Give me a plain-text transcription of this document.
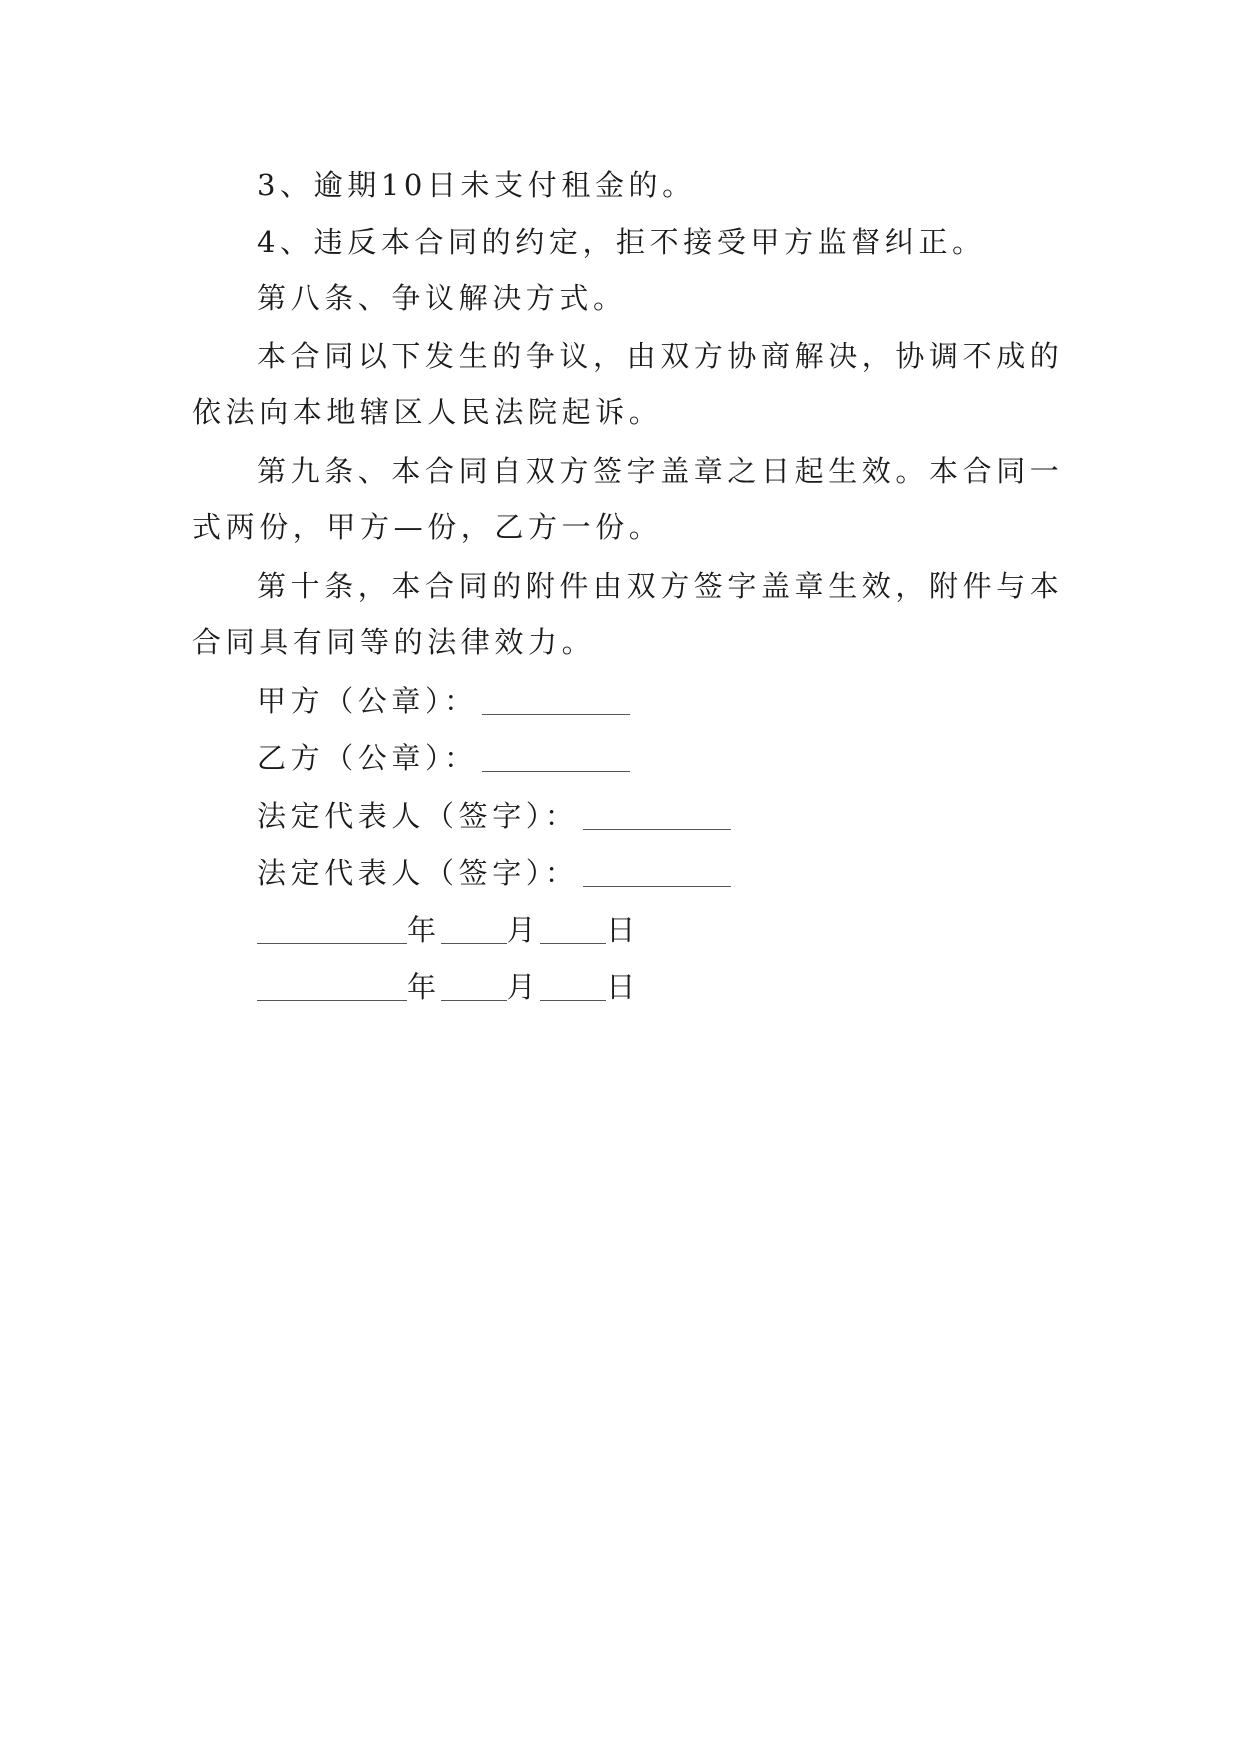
3、逾期10日未支付租金的。
4、违反本合同的约定，拒不接受甲方监督纠正。
第八条、争议解决方式。
本合同以下发生的争议，由双方协商解决，协调不成的
依法向本地辖区人民法院起诉。
第九条、本合同自双方签字盖章之日起生效。本合同一
式两份，甲方—份，乙方一份。
第十条，本合同的附件由双方签字盖章生效，附件与本
合同具有同等的法律效力。
甲方（公章）：
乙方（公章）：
法定代表人（签字）：
法定代表人（签字）：
年 月 日
年 月 日
